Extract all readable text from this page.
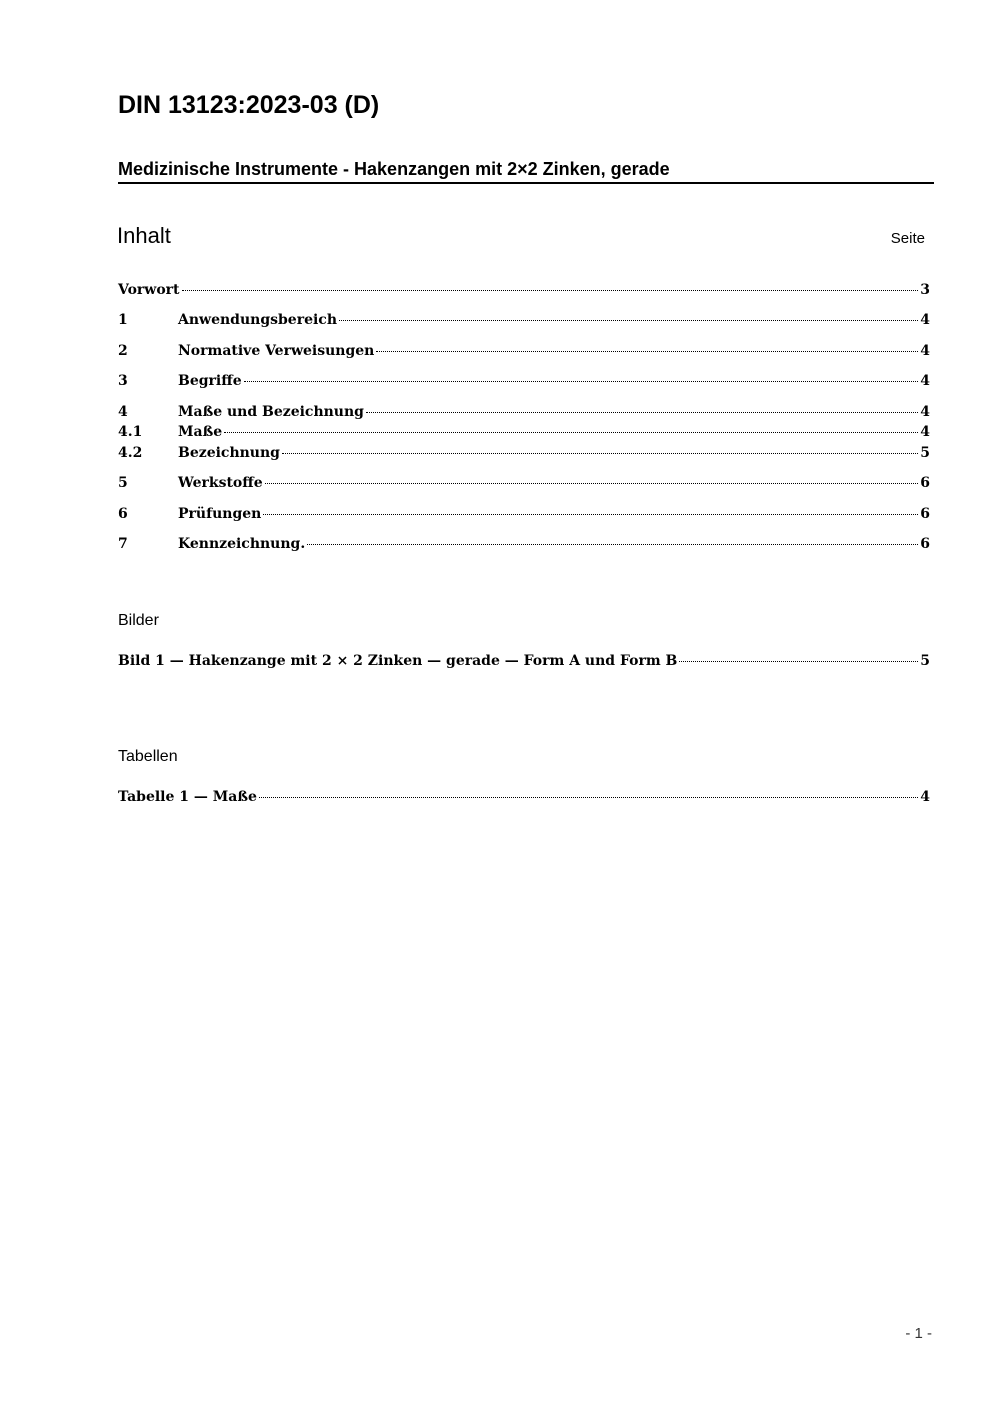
DIN 13123:2023-03 (D)
Medizinische Instrumente - Hakenzangen mit 2×2 Zinken, gerade
Inhalt	Seite
Vorwort	3
1	Anwendungsbereich	4
2	Normative Verweisungen	4
3	Begriffe	4
4	Maße und Bezeichnung	4
4.1	Maße	4
4.2	Bezeichnung	5
5	Werkstoffe	6
6	Prüfungen	6
7	Kennzeichnung.	6
Bild 1 — Hakenzange mit 2 × 2 Zinken — gerade — Form A und Form B	5
Tabelle 1 — Maße	4
Bilder
Tabellen
- 1 -
